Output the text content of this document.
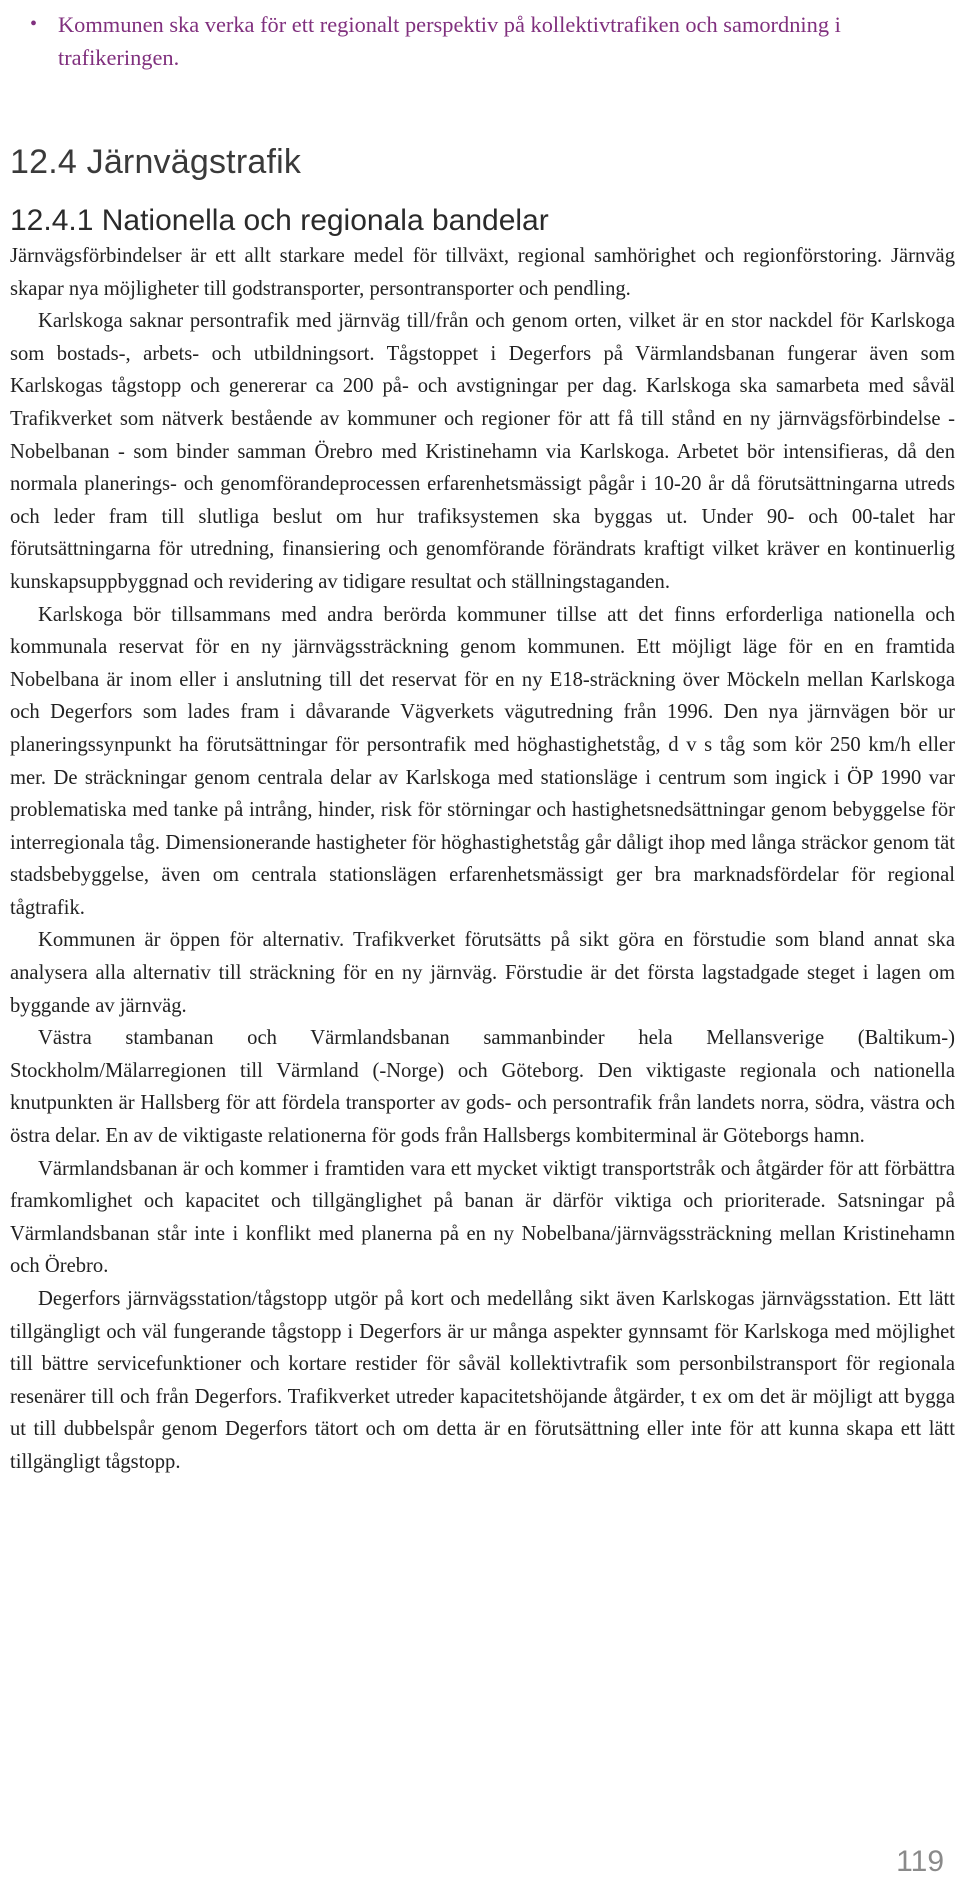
• Kommunen ska verka för ett regionalt perspektiv på kollektivtrafiken och samordning i trafikeringen.
12.4 Järnvägstrafik
12.4.1 Nationella och regionala bandelar

Järnvägsförbindelser är ett allt starkare medel för tillväxt, regional samhörighet och regionförstoring. Järnväg skapar nya möjligheter till godstransporter, persontransporter och pendling.

Karlskoga saknar persontrafik med järnväg till/från och genom orten, vilket är en stor nackdel för Karlskoga som bostads-, arbets- och utbildningsort. Tågstoppet i Degerfors på Värmlandsbanan fungerar även som Karlskogas tågstopp och genererar ca 200 på- och avstigningar per dag. Karlskoga ska samarbeta med såväl Trafikverket som nätverk bestående av kommuner och regioner för att få till stånd en ny järnvägsförbindelse - Nobelbanan - som binder samman Örebro med Kristinehamn via Karlskoga. Arbetet bör intensifieras, då den normala planerings- och genomförandeprocessen erfarenhetsmässigt pågår i 10-20 år då förutsättningarna utreds och leder fram till slutliga beslut om hur trafiksystemen ska byggas ut. Under 90- och 00-talet har förutsättningarna för utredning, finansiering och genomförande förändrats kraftigt vilket kräver en kontinuerlig kunskapsuppbyggnad och revidering av tidigare resultat och ställningstaganden.

Karlskoga bör tillsammans med andra berörda kommuner tillse att det finns erforderliga nationella och kommunala reservat för en ny järnvägssträckning genom kommunen. Ett möjligt läge för en en framtida Nobelbana är inom eller i anslutning till det reservat för en ny E18-sträckning över Möckeln mellan Karlskoga och Degerfors som lades fram i dåvarande Vägverkets vägutredning från 1996. Den nya järnvägen bör ur planeringssynpunkt ha förutsättningar för persontrafik med höghastighetståg, d v s tåg som kör 250 km/h eller mer. De sträckningar genom centrala delar av Karlskoga med stationsläge i centrum som ingick i ÖP 1990 var problematiska med tanke på intrång, hinder, risk för störningar och hastighetsnedsättningar genom bebyggelse för interregionala tåg. Dimensionerande hastigheter för höghastighetståg går dåligt ihop med långa sträckor genom tät stadsbebyggelse, även om centrala stationslägen erfarenhetsmässigt ger bra marknadsfördelar för regional tågtrafik.

Kommunen är öppen för alternativ. Trafikverket förutsätts på sikt göra en förstudie som bland annat ska analysera alla alternativ till sträckning för en ny järnväg. Förstudie är det första lagstadgade steget i lagen om byggande av järnväg.

Västra stambanan och Värmlandsbanan sammanbinder hela Mellansverige (Baltikum-) Stockholm/Mälarregionen till Värmland (-Norge) och Göteborg. Den viktigaste regionala och nationella knutpunkten är Hallsberg för att fördela transporter av gods- och persontrafik från landets norra, södra, västra och östra delar. En av de viktigaste relationerna för gods från Hallsbergs kombiterminal är Göteborgs hamn.

Värmlandsbanan är och kommer i framtiden vara ett mycket viktigt transportstråk och åtgärder för att förbättra framkomlighet och kapacitet och tillgänglighet på banan är därför viktiga och prioriterade. Satsningar på Värmlandsbanan står inte i konflikt med planerna på en ny Nobelbana/järnvägssträckning mellan Kristinehamn och Örebro.

Degerfors järnvägsstation/tågstopp utgör på kort och medellång sikt även Karlskogas järnvägsstation. Ett lätt tillgängligt och väl fungerande tågstopp i Degerfors är ur många aspekter gynnsamt för Karlskoga med möjlighet till bättre servicefunktioner och kortare restider för såväl kollektivtrafik som personbilstransport för regionala resenärer till och från Degerfors. Trafikverket utreder kapacitetshöjande åtgärder, t ex om det är möjligt att bygga ut till dubbelspår genom Degerfors tätort och om detta är en förutsättning eller inte för att kunna skapa ett lätt tillgängligt tågstopp.

119
